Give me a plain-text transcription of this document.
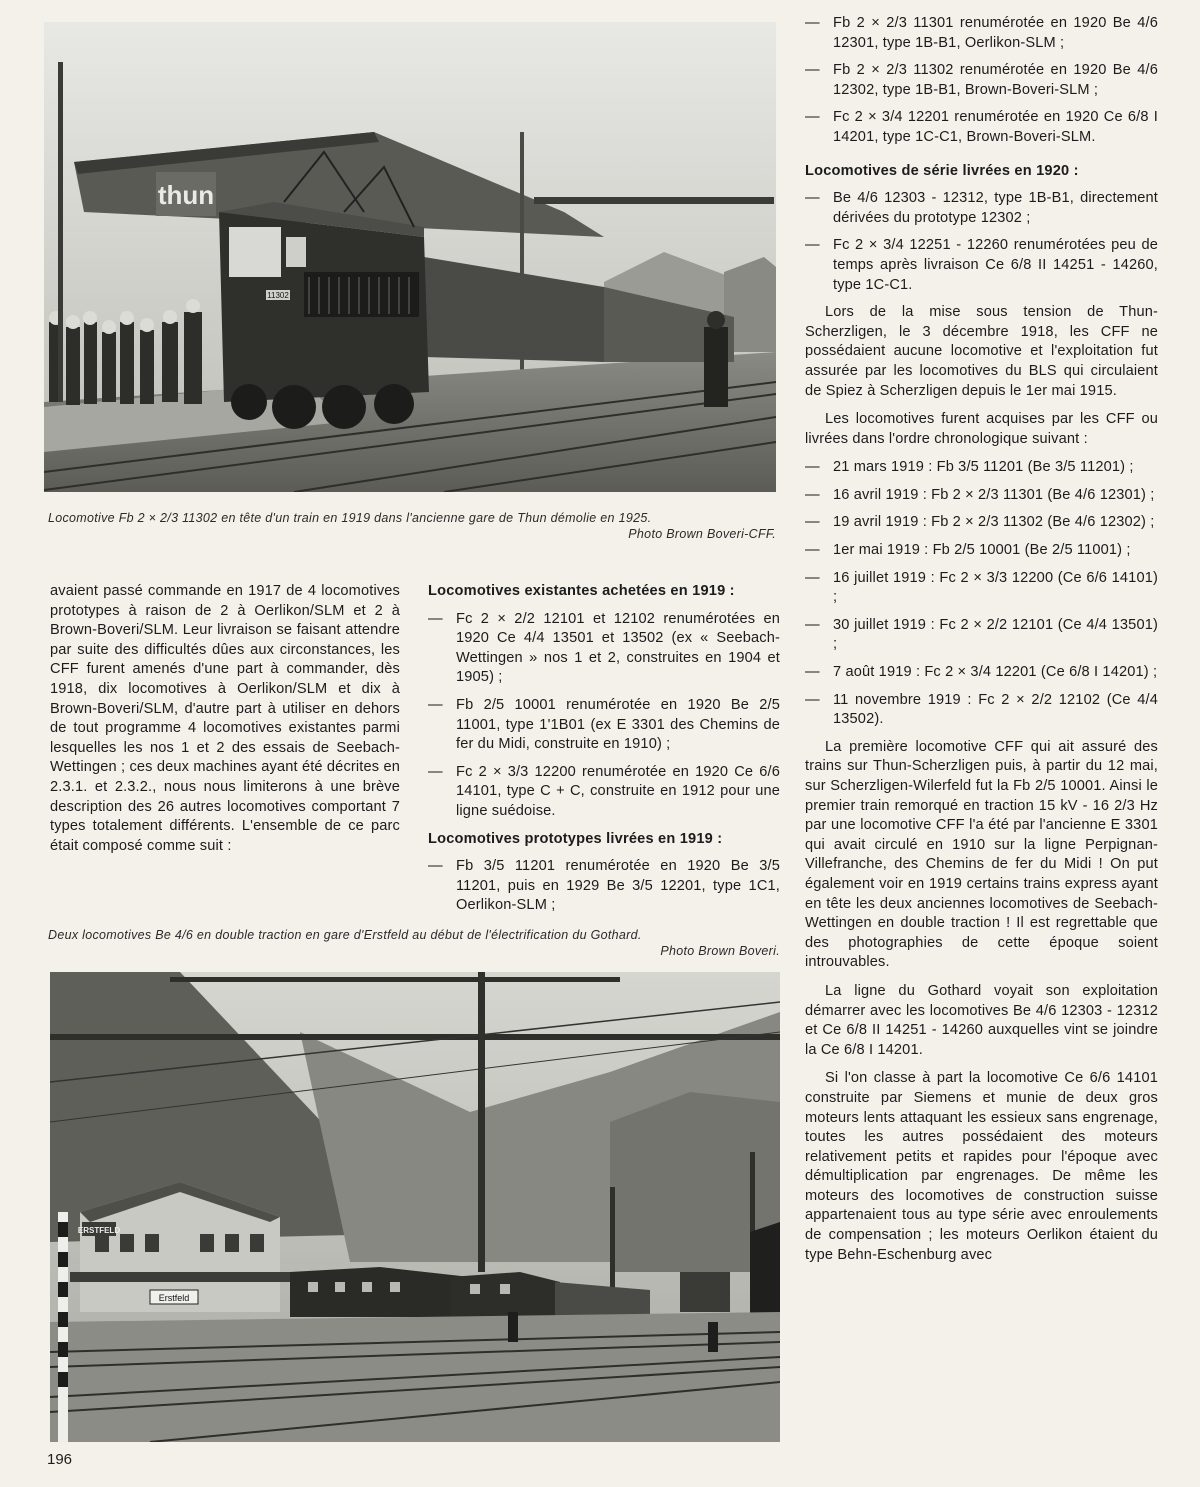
thun
11302
Locomotive Fb 2 × 2/3 11302 en tête d'un train en 1919 dans l'ancienne gare de Thun démolie en 1925.
Photo Brown Boveri-CFF.

avaient passé commande en 1917 de 4 locomotives prototypes à raison de 2 à Oerlikon/SLM et 2 à Brown-Boveri/SLM. Leur livraison se faisant attendre par suite des difficultés dûes aux circonstances, les CFF furent amenés d'une part à commander, dès 1918, dix locomotives à Oerlikon/SLM et dix à Brown-Boveri/SLM, d'autre part à utiliser en dehors de tout programme 4 locomotives existantes parmi lesquelles les nos 1 et 2 des essais de Seebach-Wettingen ; ces deux machines ayant été décrites en 2.3.1. et 2.3.2., nous nous limiterons à une brève description des 26 autres locomotives comportant 7 types totalement différents. L'ensemble de ce parc était composé comme suit :

Locomotives existantes achetées en 1919 :
— Fc 2 × 2/2 12101 et 12102 renumérotées en 1920 Ce 4/4 13501 et 13502 (ex « Seebach-Wettingen » nos 1 et 2, construites en 1904 et 1905) ;
— Fb 2/5 10001 renumérotée en 1920 Be 2/5 11001, type 1'1B01 (ex E 3301 des Chemins de fer du Midi, construite en 1910) ;
— Fc 2 × 3/3 12200 renumérotée en 1920 Ce 6/6 14101, type C + C, construite en 1912 pour une ligne suédoise.
Locomotives prototypes livrées en 1919 :
— Fb 3/5 11201 renumérotée en 1920 Be 3/5 11201, puis en 1929 Be 3/5 12201, type 1C1, Oerlikon-SLM ;
Deux locomotives Be 4/6 en double traction en gare d'Erstfeld au début de l'électrification du Gothard.
Photo Brown Boveri.
ERSTFELD
Erstfeld
— Fb 2 × 2/3 11301 renumérotée en 1920 Be 4/6 12301, type 1B-B1, Oerlikon-SLM ;
— Fb 2 × 2/3 11302 renumérotée en 1920 Be 4/6 12302, type 1B-B1, Brown-Boveri-SLM ;
— Fc 2 × 3/4 12201 renumérotée en 1920 Ce 6/8 I 14201, type 1C-C1, Brown-Boveri-SLM.
Locomotives de série livrées en 1920 :
— Be 4/6 12303 - 12312, type 1B-B1, directement dérivées du prototype 12302 ;
— Fc 2 × 3/4 12251 - 12260 renumérotées peu de temps après livraison Ce 6/8 II 14251 - 14260, type 1C-C1.

Lors de la mise sous tension de Thun-Scherzligen, le 3 décembre 1918, les CFF ne possédaient aucune locomotive et l'exploitation fut assurée par les locomotives du BLS qui circulaient de Spiez à Scherzligen depuis le 1er mai 1915.

Les locomotives furent acquises par les CFF ou livrées dans l'ordre chronologique suivant :

— 21 mars 1919 : Fb 3/5 11201 (Be 3/5 11201) ;
— 16 avril 1919 : Fb 2 × 2/3 11301 (Be 4/6 12301) ;
— 19 avril 1919 : Fb 2 × 2/3 11302 (Be 4/6 12302) ;
— 1er mai 1919 : Fb 2/5 10001 (Be 2/5 11001) ;
— 16 juillet 1919 : Fc 2 × 3/3 12200 (Ce 6/6 14101) ;
— 30 juillet 1919 : Fc 2 × 2/2 12101 (Ce 4/4 13501) ;
— 7 août 1919 : Fc 2 × 3/4 12201 (Ce 6/8 I 14201) ;
— 11 novembre 1919 : Fc 2 × 2/2 12102 (Ce 4/4 13502).

La première locomotive CFF qui ait assuré des trains sur Thun-Scherzligen puis, à partir du 12 mai, sur Scherzligen-Wilerfeld fut la Fb 2/5 10001. Ainsi le premier train remorqué en traction 15 kV - 16 2/3 Hz par une locomotive CFF l'a été par l'ancienne E 3301 qui avait circulé en 1910 sur la ligne Perpignan-Villefranche, des Chemins de fer du Midi ! On put également voir en 1919 certains trains express ayant en tête les deux anciennes locomotives de Seebach-Wettingen en double traction ! Il est regrettable que des photographies de cette époque soient introuvables.

La ligne du Gothard voyait son exploitation démarrer avec les locomotives Be 4/6 12303 - 12312 et Ce 6/8 II 14251 - 14260 auxquelles vint se joindre la Ce 6/8 I 14201.

Si l'on classe à part la locomotive Ce 6/6 14101 construite par Siemens et munie de deux gros moteurs lents attaquant les essieux sans engrenage, toutes les autres possédaient des moteurs relativement petits et rapides pour l'époque avec démultiplication par engrenages. De même les moteurs des locomotives de construction suisse appartenaient tous au type série avec enroulements de compensation ; les moteurs Oerlikon étaient du type Behn-Eschenburg avec

196
